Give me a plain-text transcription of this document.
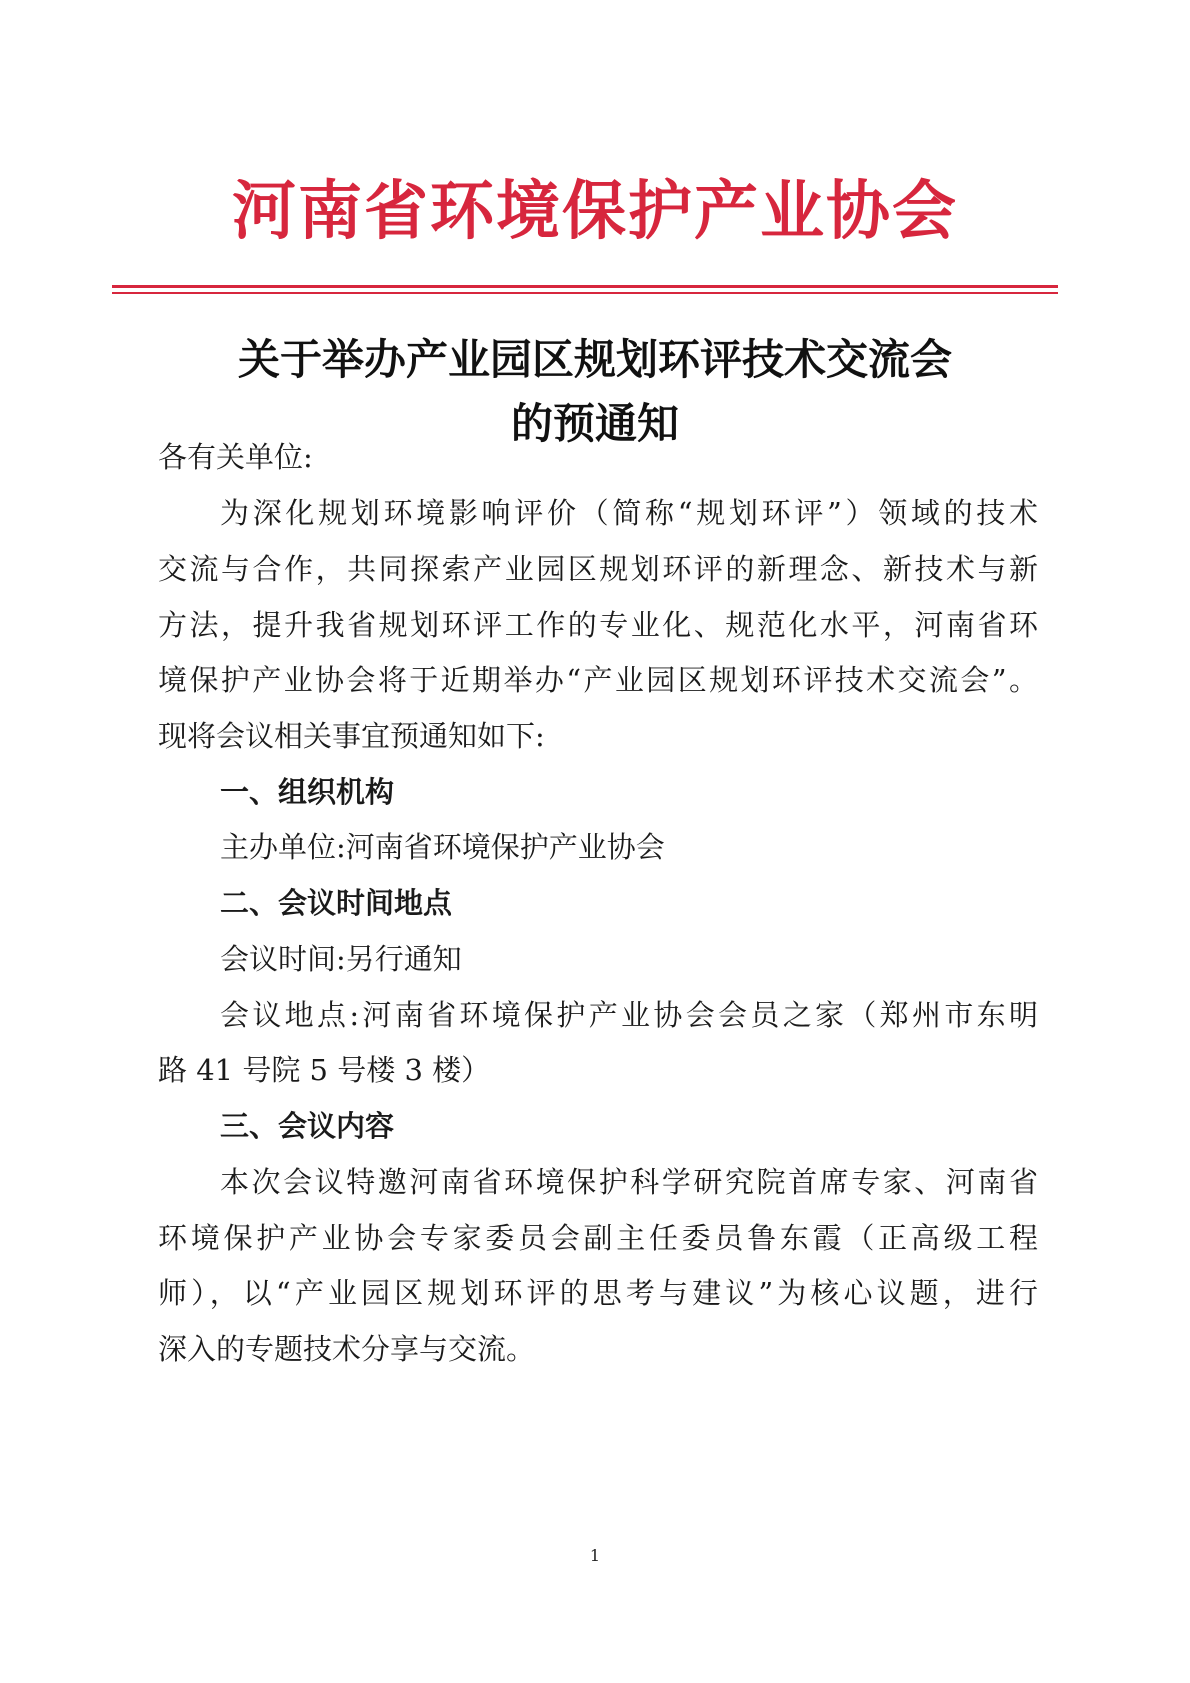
河南省环境保护产业协会
关于举办产业园区规划环评技术交流会
的预通知
各有关单位:
为深化规划环境影响评价（简称“规划环评”）领域的技术
交流与合作，共同探索产业园区规划环评的新理念、新技术与新
方法，提升我省规划环评工作的专业化、规范化水平，河南省环
境保护产业协会将于近期举办“产业园区规划环评技术交流会”。
现将会议相关事宜预通知如下:
一、组织机构
主办单位:河南省环境保护产业协会
二、会议时间地点
会议时间:另行通知
会议地点:河南省环境保护产业协会会员之家（郑州市东明
路 41 号院 5 号楼 3 楼）
三、会议内容
本次会议特邀河南省环境保护科学研究院首席专家、河南省
环境保护产业协会专家委员会副主任委员鲁东霞（正高级工程
师），以“产业园区规划环评的思考与建议”为核心议题，进行
深入的专题技术分享与交流。
1
